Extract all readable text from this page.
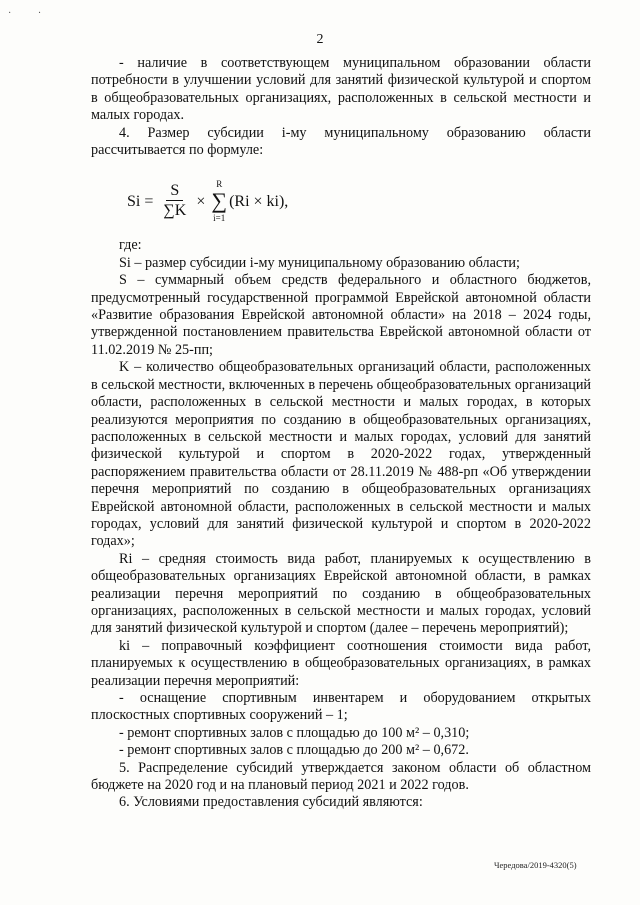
· ·
2

- наличие в соответствующем муниципальном образовании области потребности в улучшении условий для занятий физической культурой и спортом в общеобразовательных организациях, расположенных в сельской местности и малых городах.

4. Размер субсидии i-му муниципальному образованию области рассчитывается по формуле:

$Si = \frac{S}{\sum K}$ ×
R
∑
i=1
(Ri × ki),

где:

Si – размер субсидии i-му муниципальному образованию области;

S – суммарный объем средств федерального и областного бюджетов, предусмотренный государственной программой Еврейской автономной области «Развитие образования Еврейской автономной области» на 2018 – 2024 годы, утвержденной постановлением правительства Еврейской автономной области от 11.02.2019 № 25-пп;

K – количество общеобразовательных организаций области, расположенных в сельской местности, включенных в перечень общеобразовательных организаций области, расположенных в сельской местности и малых городах, в которых реализуются мероприятия по созданию в общеобразовательных организациях, расположенных в сельской местности и малых городах, условий для занятий физической культурой и спортом в 2020-2022 годах, утвержденный распоряжением правительства области от 28.11.2019 № 488-рп «Об утверждении перечня мероприятий по созданию в общеобразовательных организациях Еврейской автономной области, расположенных в сельской местности и малых городах, условий для занятий физической культурой и спортом в 2020-2022 годах»;

Ri – средняя стоимость вида работ, планируемых к осуществлению в общеобразовательных организациях Еврейской автономной области, в рамках реализации перечня мероприятий по созданию в общеобразовательных организациях, расположенных в сельской местности и малых городах, условий для занятий физической культурой и спортом (далее – перечень мероприятий);

ki – поправочный коэффициент соотношения стоимости вида работ, планируемых к осуществлению в общеобразовательных организациях, в рамках реализации перечня мероприятий:

- оснащение спортивным инвентарем и оборудованием открытых плоскостных спортивных сооружений – 1;

- ремонт спортивных залов с площадью до 100 м² – 0,310;

- ремонт спортивных залов с площадью до 200 м² – 0,672.

5. Распределение субсидий утверждается законом области об областном бюджете на 2020 год и на плановый период 2021 и 2022 годов.

6. Условиями предоставления субсидий являются:

Чередова/2019-4320(5)
